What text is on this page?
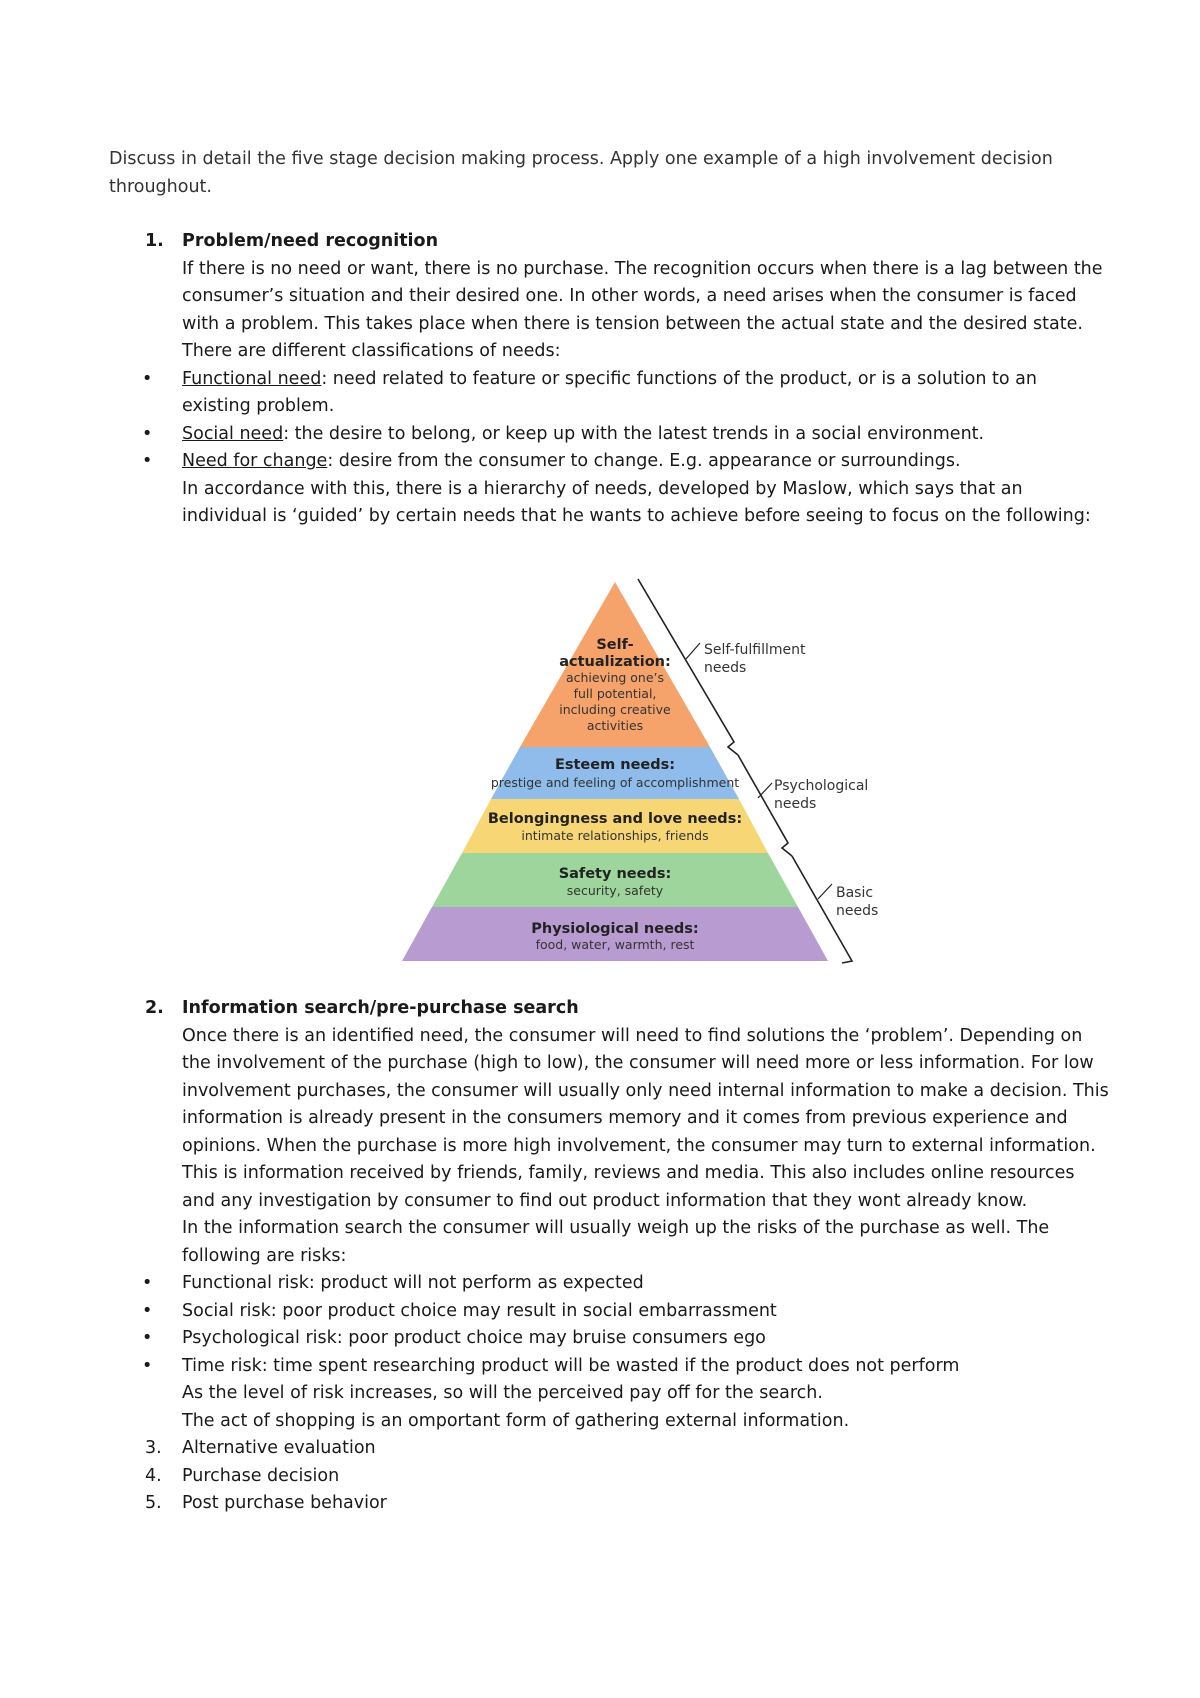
Discuss in detail the five stage decision making process. Apply one example of a high involvement decision throughout.
1. Problem/need recognition

If there is no need or want, there is no purchase. The recognition occurs when there is a lag between the consumer’s situation and their desired one. In other words, a need arises when the consumer is faced with a problem. This takes place when there is tension between the actual state and the desired state.

There are different classifications of needs:

• Functional need: need related to feature or specific functions of the product, or is a solution to an existing problem.
• Social need: the desire to belong, or keep up with the latest trends in a social environment.
• Need for change: desire from the consumer to change. E.g. appearance or surroundings.

In accordance with this, there is a hierarchy of needs, developed by Maslow, which says that an individual is ‘guided’ by certain needs that he wants to achieve before seeing to focus on the following:

Self-
actualization:
achieving one’s
full potential,
including creative
activities
Esteem needs:
prestige and feeling of accomplishment
Belongingness and love needs:
intimate relationships, friends
Safety needs:
security, safety
Physiological needs:
food, water, warmth, rest
Self-fulfillment
needs
Psychological
needs
Basic
needs
2. Information search/pre-purchase search

Once there is an identified need, the consumer will need to find solutions the ‘problem’. Depending on the involvement of the purchase (high to low), the consumer will need more or less information. For low involvement purchases, the consumer will usually only need internal information to make a decision. This information is already present in the consumers memory and it comes from previous experience and opinions. When the purchase is more high involvement, the consumer may turn to external information. This is information received by friends, family, reviews and media. This also includes online resources and any investigation by consumer to find out product information that they wont already know.

In the information search the consumer will usually weigh up the risks of the purchase as well. The following are risks:

• Functional risk: product will not perform as expected
• Social risk: poor product choice may result in social embarrassment
• Psychological risk: poor product choice may bruise consumers ego
• Time risk: time spent researching product will be wasted if the product does not perform

As the level of risk increases, so will the perceived pay off for the search.

The act of shopping is an omportant form of gathering external information.

3. Alternative evaluation
4. Purchase decision
5. Post purchase behavior
